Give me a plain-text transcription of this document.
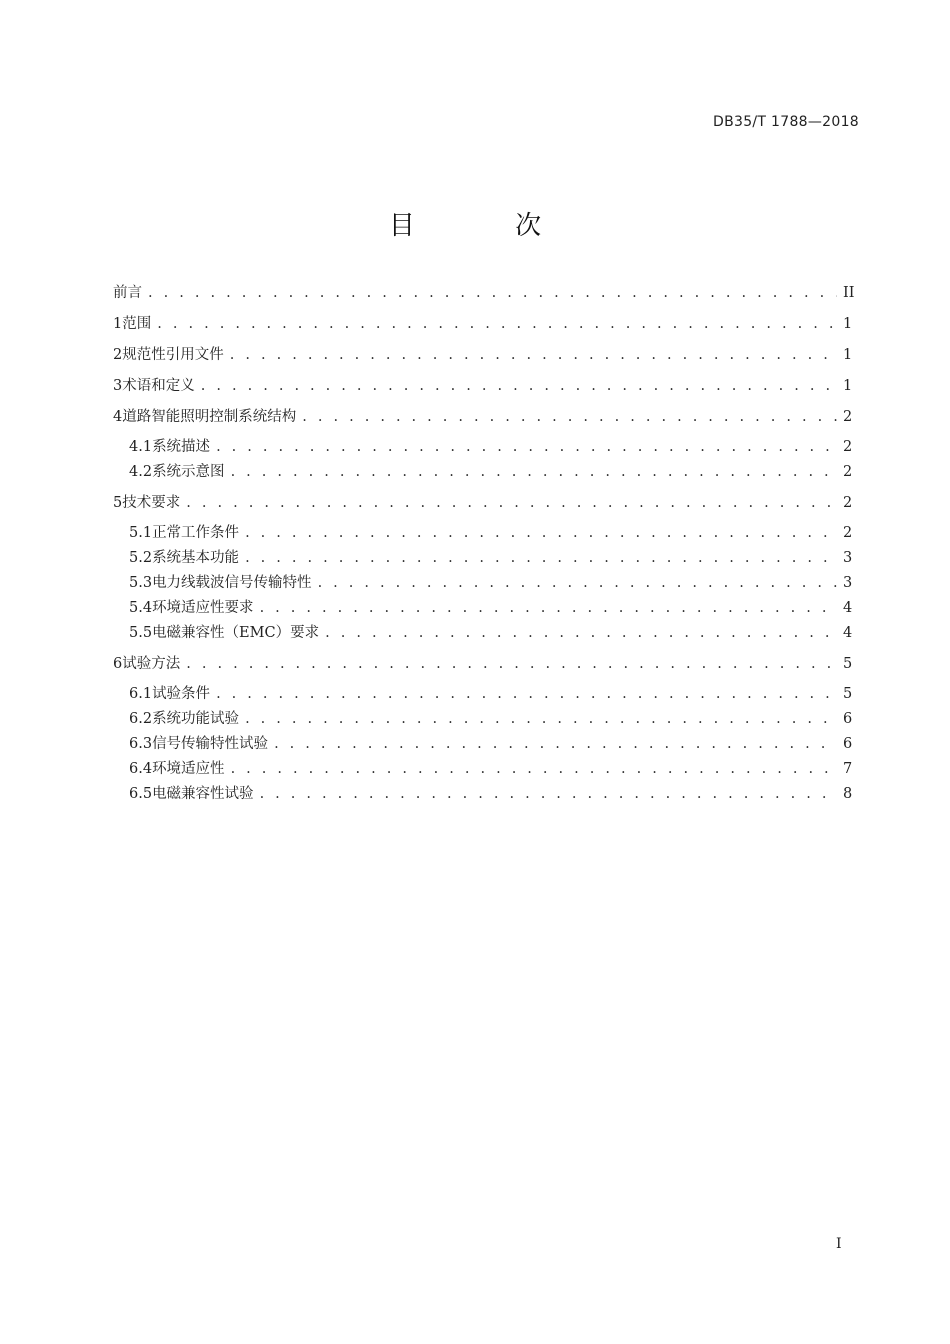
DB35/T 1788—2018
目 次
前言 . . .	II
1 范围 . . .	1
2 规范性引用文件 . . .	1
3 术语和定义 . . .	1
4 道路智能照明控制系统结构 . . .	2
4.1 系统描述 . . .	2
4.2 系统示意图 . . .	2
5 技术要求 . . .	2
5.1 正常工作条件 . . .	2
5.2 系统基本功能 . . .	3
5.3 电力线载波信号传输特性 . . .	3
5.4 环境适应性要求 . . .	4
5.5 电磁兼容性（EMC）要求 . . .	4
6 试验方法 . . .	5
6.1 试验条件 . . .	5
6.2 系统功能试验 . . .	6
6.3 信号传输特性试验 . . .	6
6.4 环境适应性 . . .	7
6.5 电磁兼容性试验 . . .	8
I
